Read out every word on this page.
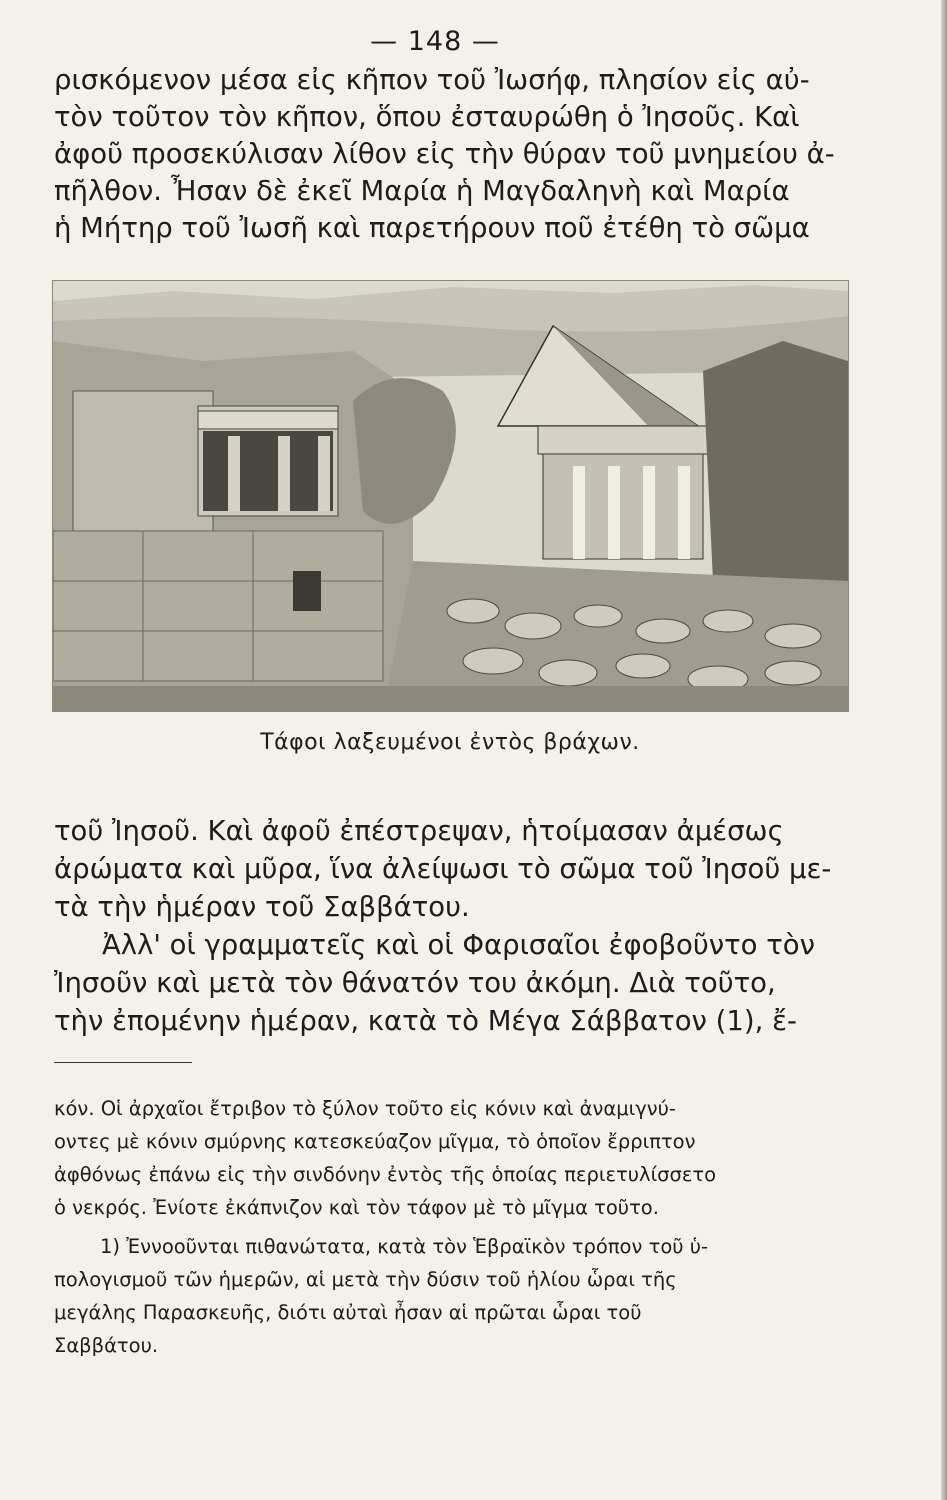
— 148 —

ρισκόμενον μέσα εἰς κῆπον τοῦ Ἰωσήφ, πλησίον εἰς αὐ-

τὸν τοῦτον τὸν κῆπον, ὅπου ἐσταυρώθη ὁ Ἰησοῦς. Καὶ

ἀφοῦ προσεκύλισαν λίθον εἰς τὴν θύραν τοῦ μνημείου ἀ-

πῆλθον. Ἦσαν δὲ ἐκεῖ Μαρία ἡ Μαγδαληνὴ καὶ Μαρία

ἡ Μήτηρ τοῦ Ἰωσῆ καὶ παρετήρουν ποῦ ἐτέθη τὸ σῶμα

Τάφοι λαξευμένοι ἐντὸς βράχων.

τοῦ Ἰησοῦ. Καὶ ἀφοῦ ἐπέστρεψαν, ἡτοίμασαν ἀμέσως

ἀρώματα καὶ μῦρα, ἵνα ἀλείψωσι τὸ σῶμα τοῦ Ἰησοῦ με-

τὰ τὴν ἡμέραν τοῦ Σαββάτου.

Ἀλλ' οἱ γραμματεῖς καὶ οἱ Φαρισαῖοι ἐφοβοῦντο τὸν

Ἰησοῦν καὶ μετὰ τὸν θάνατόν του ἀκόμη. Διὰ τοῦτο,

τὴν ἐπομένην ἡμέραν, κατὰ τὸ Μέγα Σάββατον (1), ἔ-

κόν. Οἱ ἀρχαῖοι ἔτριβον τὸ ξύλον τοῦτο εἰς κόνιν καὶ ἀναμιγνύ-

οντες μὲ κόνιν σμύρνης κατεσκεύαζον μῖγμα, τὸ ὁποῖον ἔρριπτον

ἀφθόνως ἐπάνω εἰς τὴν σινδόνην ἐντὸς τῆς ὁποίας περιετυλίσσετο

ὁ νεκρός. Ἐνίοτε ἐκάπνιζον καὶ τὸν τάφον μὲ τὸ μῖγμα τοῦτο.

1) Ἐννοοῦνται πιθανώτατα, κατὰ τὸν Ἑβραϊκὸν τρόπον τοῦ ὑ-

πολογισμοῦ τῶν ἡμερῶν, αἱ μετὰ τὴν δύσιν τοῦ ἡλίου ὧραι τῆς

μεγάλης Παρασκευῆς, διότι αὐταὶ ἦσαν αἱ πρῶται ὧραι τοῦ

Σαββάτου.
